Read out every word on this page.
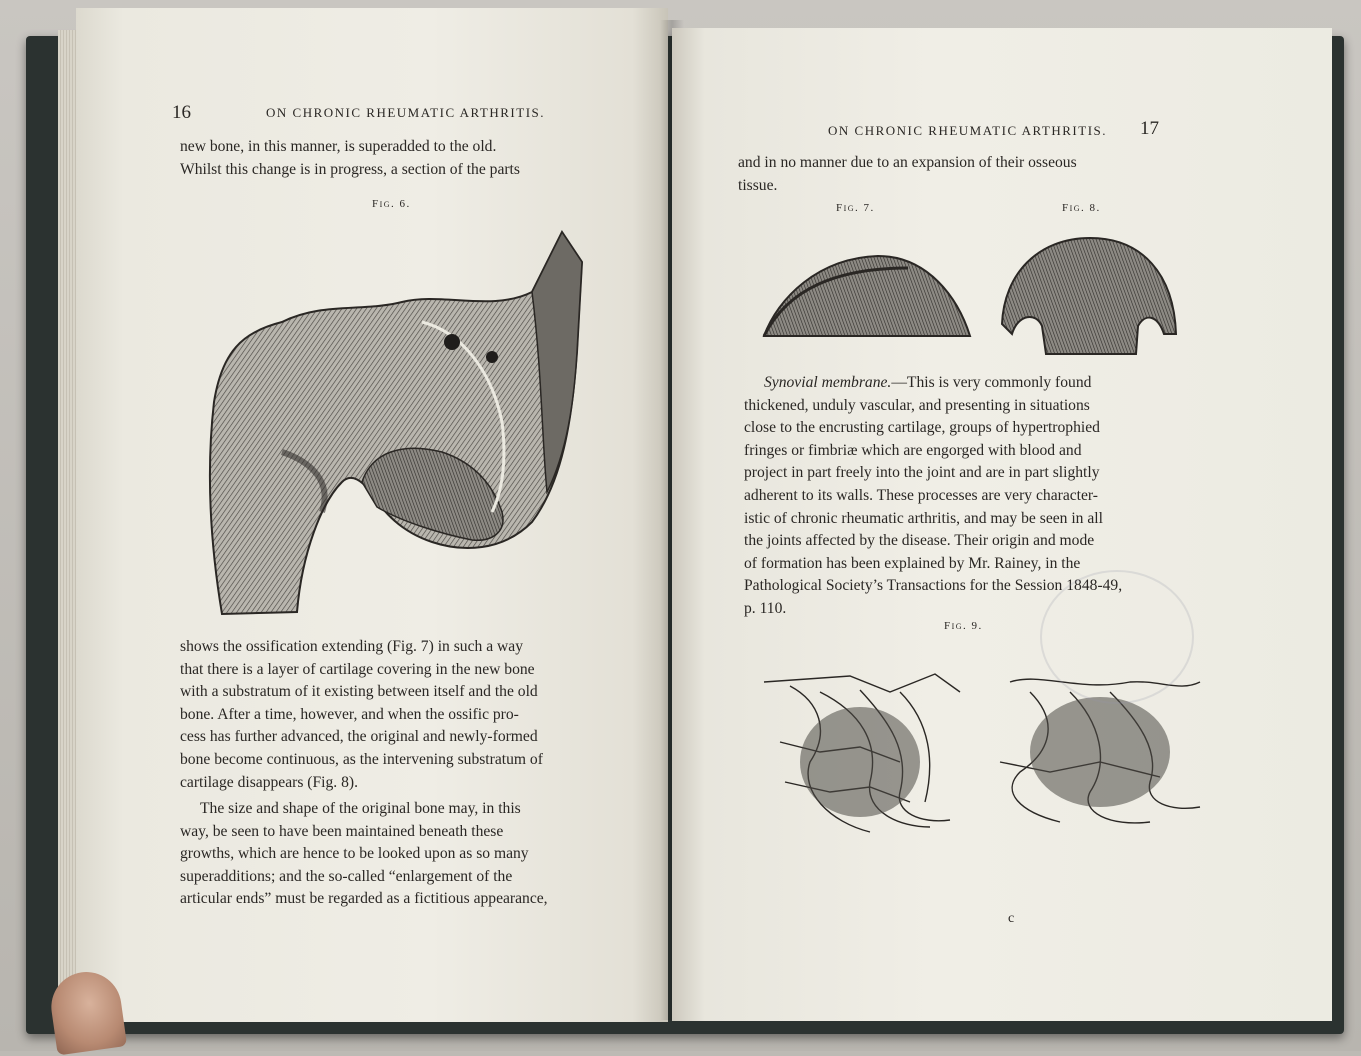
16	ON CHRONIC RHEUMATIC ARTHRITIS.

new bone, in this manner, is superadded to the old.

Whilst this change is in progress, a section of the parts

Fig. 6.

shows the ossification extending (Fig. 7) in such a way

that there is a layer of cartilage covering in the new bone

with a substratum of it existing between itself and the old

bone. After a time, however, and when the ossific pro-

cess has further advanced, the original and newly-formed

bone become continuous, as the intervening substratum of

cartilage disappears (Fig. 8).

The size and shape of the original bone may, in this

way, be seen to have been maintained beneath these

growths, which are hence to be looked upon as so many

superadditions; and the so-called “enlargement of the

articular ends” must be regarded as a fictitious appearance,

ON CHRONIC RHEUMATIC ARTHRITIS. 17

and in no manner due to an expansion of their osseous

tissue.

Fig. 7.	Fig. 8.

Synovial membrane.—This is very commonly found

thickened, unduly vascular, and presenting in situations

close to the encrusting cartilage, groups of hypertrophied

fringes or fimbriæ which are engorged with blood and

project in part freely into the joint and are in part slightly

adherent to its walls. These processes are very character-

istic of chronic rheumatic arthritis, and may be seen in all

the joints affected by the disease. Their origin and mode

of formation has been explained by Mr. Rainey, in the

Pathological Society’s Transactions for the Session 1848-49,

p. 110.

Fig. 9.
c
